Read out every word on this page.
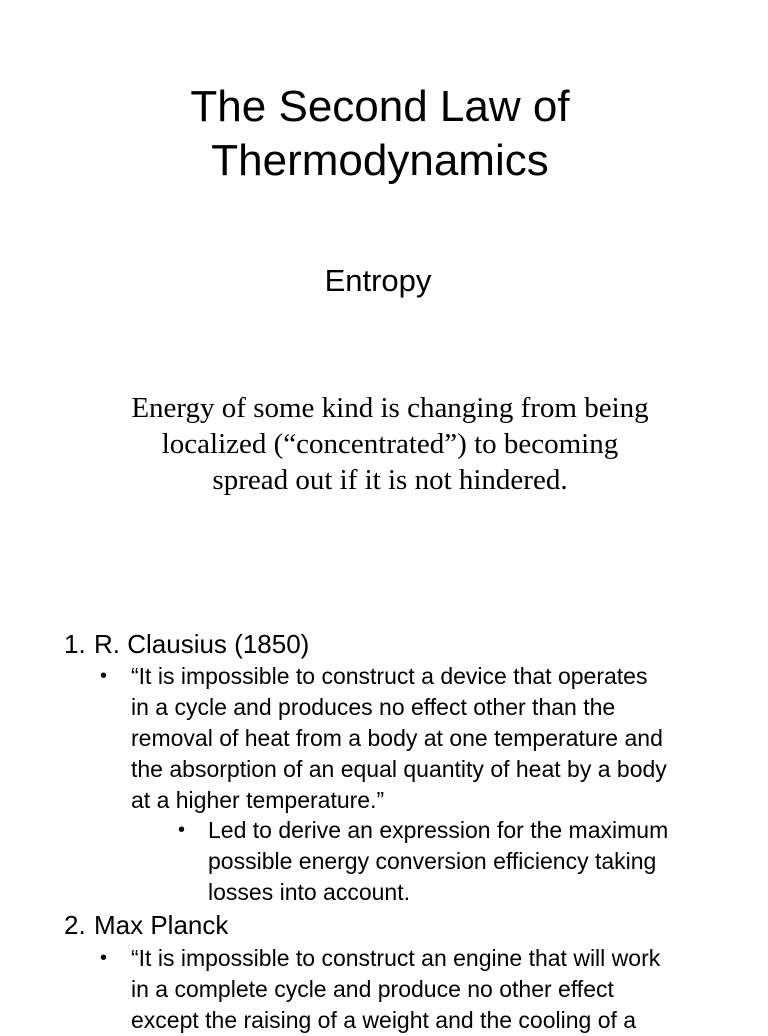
The Second Law of
Thermodynamics

Entropy

Energy of some kind is changing from being
localized (“concentrated”) to becoming
spread out if it is not hindered.

1. R. Clausius (1850)

• “It is impossible to construct a device that operates
in a cycle and produces no effect other than the
removal of heat from a body at one temperature and
the absorption of an equal quantity of heat by a body
at a higher temperature.”
• Led to derive an expression for the maximum
possible energy conversion efficiency taking
losses into account.

2. Max Planck

• “It is impossible to construct an engine that will work
in a complete cycle and produce no other effect
except the raising of a weight and the cooling of a
